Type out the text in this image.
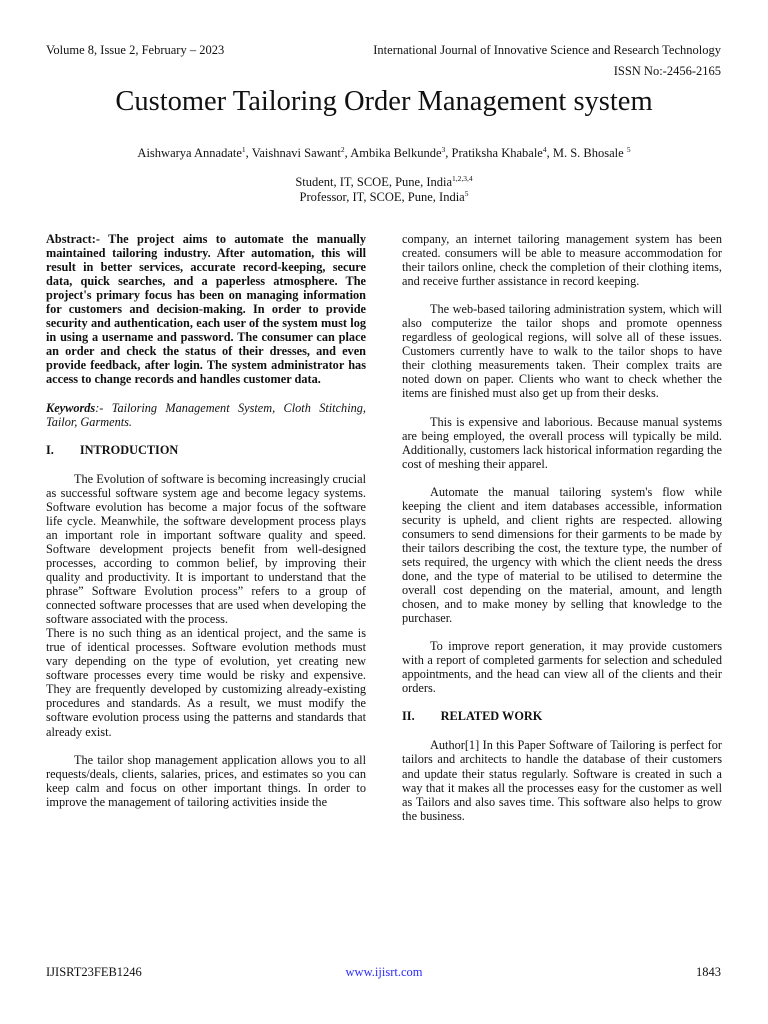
Volume 8, Issue 2, February – 2023	International Journal of Innovative Science and Research Technology
ISSN No:-2456-2165
Customer Tailoring Order Management system
Aishwarya Annadate$^1$, Vaishnavi Sawant$^2$, Ambika Belkunde$^3$, Pratiksha Khabale$^4$, M. S. Bhosale $^5$
Student, IT, SCOE, Pune, India$^{1,2,3,4}$
Professor, IT, SCOE, Pune, India$^5$

Abstract:- The project aims to automate the manually maintained tailoring industry. After automation, this will result in better services, accurate record-keeping, secure data, quick searches, and a paperless atmosphere. The project's primary focus has been on managing information for customers and decision-making. In order to provide security and authentication, each user of the system must log in using a username and password. The consumer can place an order and check the status of their dresses, and even provide feedback, after login. The system administrator has access to change records and handles customer data.

Keywords:- Tailoring Management System, Cloth Stitching, Tailor, Garments.

I. INTRODUCTION

The Evolution of software is becoming increasingly crucial as successful software system age and become legacy systems. Software evolution has become a major focus of the software life cycle. Meanwhile, the software development process plays an important role in important software quality and speed. Software development projects benefit from well-designed processes, according to common belief, by improving their quality and productivity. It is important to understand that the phrase” Software Evolution process” refers to a group of connected software processes that are used when developing the software associated with the process.

There is no such thing as an identical project, and the same is true of identical processes. Software evolution methods must vary depending on the type of evolution, yet creating new software processes every time would be risky and expensive. They are frequently developed by customizing already-existing procedures and standards. As a result, we must modify the software evolution process using the patterns and standards that already exist.

The tailor shop management application allows you to all requests/deals, clients, salaries, prices, and estimates so you can keep calm and focus on other important things. In order to improve the management of tailoring activities inside the

company, an internet tailoring management system has been created. consumers will be able to measure accommodation for their tailors online, check the completion of their clothing items, and receive further assistance in record keeping.

The web-based tailoring administration system, which will also computerize the tailor shops and promote openness regardless of geological regions, will solve all of these issues. Customers currently have to walk to the tailor shops to have their clothing measurements taken. Their complex traits are noted down on paper. Clients who want to check whether the items are finished must also get up from their desks.

This is expensive and laborious. Because manual systems are being employed, the overall process will typically be mild. Additionally, customers lack historical information regarding the cost of meshing their apparel.

Automate the manual tailoring system's flow while keeping the client and item databases accessible, information security is upheld, and client rights are respected. allowing consumers to send dimensions for their garments to be made by their tailors describing the cost, the texture type, the number of sets required, the urgency with which the client needs the dress done, and the type of material to be utilised to determine the overall cost depending on the material, amount, and length chosen, and to make money by selling that knowledge to the purchaser.

To improve report generation, it may provide customers with a report of completed garments for selection and scheduled appointments, and the head can view all of the clients and their orders.

II. RELATED WORK

Author[1] In this Paper Software of Tailoring is perfect for tailors and architects to handle the database of their customers and update their status regularly. Software is created in such a way that it makes all the processes easy for the customer as well as Tailors and also saves time. This software also helps to grow the business.

IJISRT23FEB1246	www.ijisrt.com	1843
